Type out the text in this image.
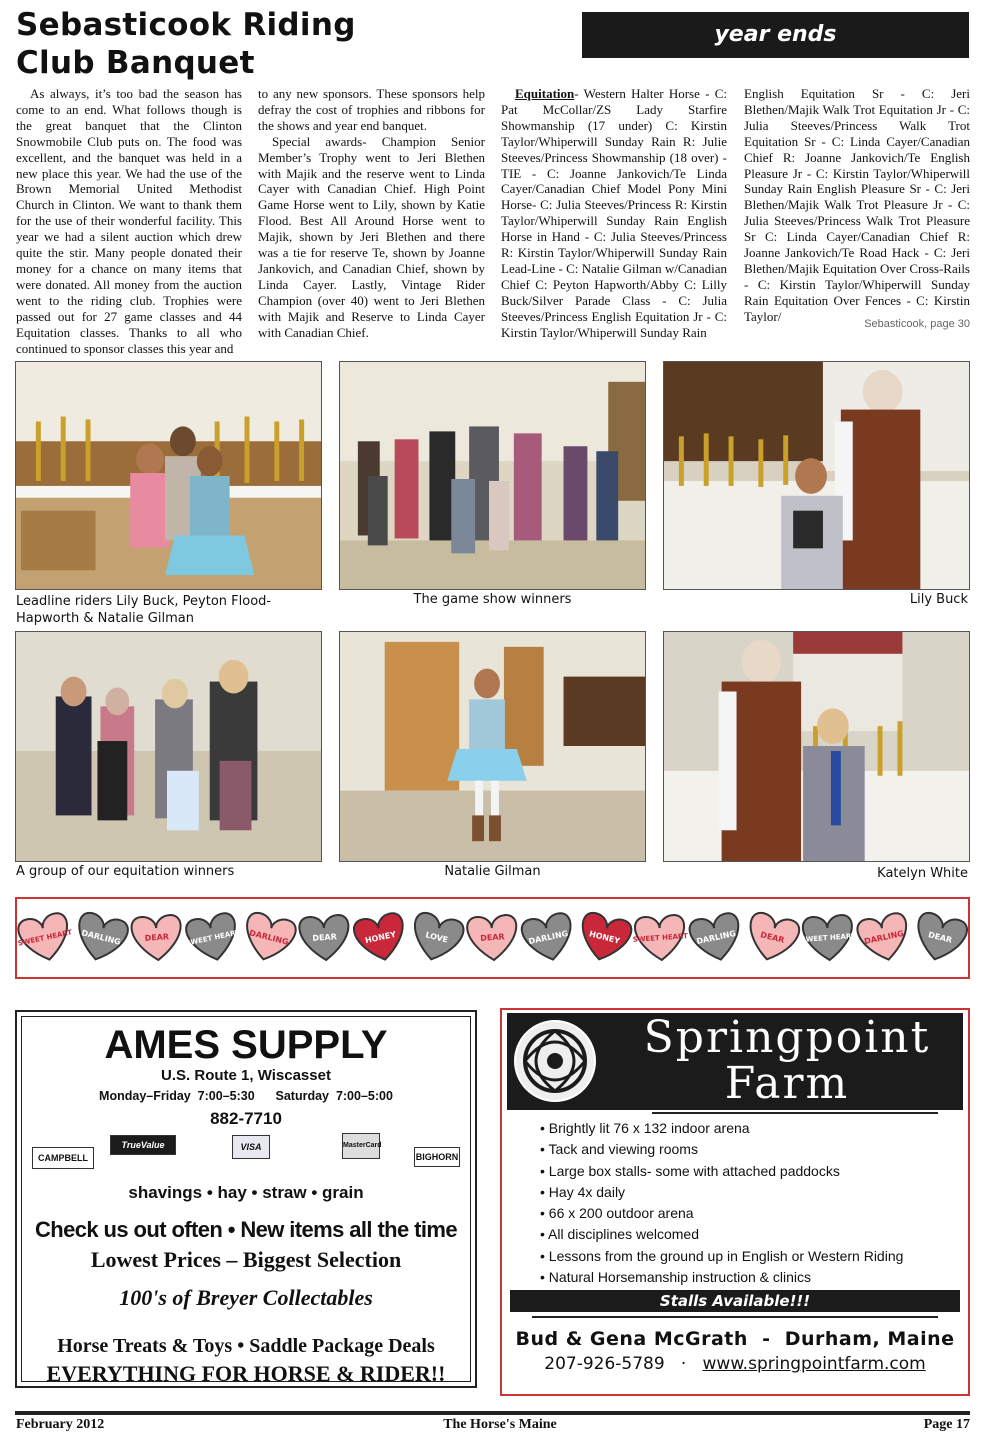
Sebasticook Riding Club Banquet
year ends

As always, it’s too bad the season has come to an end. What follows though is the great banquet that the Clinton Snowmobile Club puts on. The food was excellent, and the banquet was held in a new place this year. We had the use of the Brown Memorial United Methodist Church in Clinton. We want to thank them for the use of their wonderful facility. This year we had a silent auction which drew quite the stir. Many people donated their money for a chance on many items that were donated. All money from the auction went to the riding club. Trophies were passed out for 27 game classes and 44 Equitation classes. Thanks to all who continued to sponsor classes this year and

to any new sponsors. These sponsors help defray the cost of trophies and ribbons for the shows and year end banquet.

Special awards- Champion Senior Member’s Trophy went to Jeri Blethen with Majik and the reserve went to Linda Cayer with Canadian Chief. High Point Game Horse went to Lily, shown by Katie Flood. Best All Around Horse went to Majik, shown by Jeri Blethen and there was a tie for reserve Te, shown by Joanne Jankovich, and Canadian Chief, shown by Linda Cayer. Lastly, Vintage Rider Champion (over 40) went to Jeri Blethen with Majik and Reserve to Linda Cayer with Canadian Chief.

Equitation- Western Halter Horse - C: Pat McCollar/ZS Lady Starfire Showmanship (17 under) C: Kirstin Taylor/Whiperwill Sunday Rain R: Julie Steeves/Princess Showmanship (18 over) - TIE - C: Joanne Jankovich/Te Linda Cayer/Canadian Chief Model Pony Mini Horse- C: Julia Steeves/Princess R: Kirstin Taylor/Whiperwill Sunday Rain English Horse in Hand - C: Julia Steeves/Princess R: Kirstin Taylor/Whiperwill Sunday Rain Lead-Line - C: Natalie Gilman w/Canadian Chief C: Peyton Hapworth/Abby C: Lilly Buck/Silver Parade Class - C: Julia Steeves/Princess English Equitation Jr - C: Kirstin Taylor/Whiperwill Sunday Rain

English Equitation Sr - C: Jeri Blethen/Majik Walk Trot Equitation Jr - C: Julia Steeves/Princess Walk Trot Equitation Sr - C: Linda Cayer/Canadian Chief R: Joanne Jankovich/Te English Pleasure Jr - C: Kirstin Taylor/Whiperwill Sunday Rain English Pleasure Sr - C: Jeri Blethen/Majik Walk Trot Pleasure Jr - C: Julia Steeves/Princess Walk Trot Pleasure Sr C: Linda Cayer/Canadian Chief R: Joanne Jankovich/Te Road Hack - C: Jeri Blethen/Majik Equitation Over Cross-Rails - C: Kirstin Taylor/Whiperwill Sunday Rain Equitation Over Fences - C: Kirstin Taylor/

Sebasticook, page 30
Leadline riders Lily Buck, Peyton Flood-Hapworth & Natalie Gilman
The game show winners	Lily Buck
A group of our equitation winners	Natalie Gilman	Katelyn White
SWEET HEART DARLING	DEAR SWEET HEART DARLING	DEAR	HONEY	LOVE	DEAR	DARLING HONEY SWEET HEART DARLING	DEAR SWEET HEART DARLING	DEAR
AMES SUPPLY
U.S. Route 1, Wiscasset
Monday–Friday  7:00–5:30      Saturday  7:00–5:00
882-7710
CAMPBELL
TrueValue	VISA	MasterCard
BIGHORN
shavings • hay • straw • grain
Check us out often • New items all the time
Lowest Prices – Biggest Selection
100's of Breyer Collectables
Horse Treats & Toys • Saddle Package Deals
EVERYTHING FOR HORSE & RIDER!!
Springpoint
Farm
• Brightly lit 76 x 132 indoor arena
• Tack and viewing rooms
• Large box stalls- some with attached paddocks
• Hay 4x daily
• 66 x 200 outdoor arena
• All disciplines welcomed
• Lessons from the ground up in English or Western Riding
• Natural Horsemanship instruction & clinics
Stalls Available!!!
Bud & Gena McGrath  -  Durham, Maine
207-926-5789   ·   www.springpointfarm.com
February 2012	The Horse's Maine	Page 17
